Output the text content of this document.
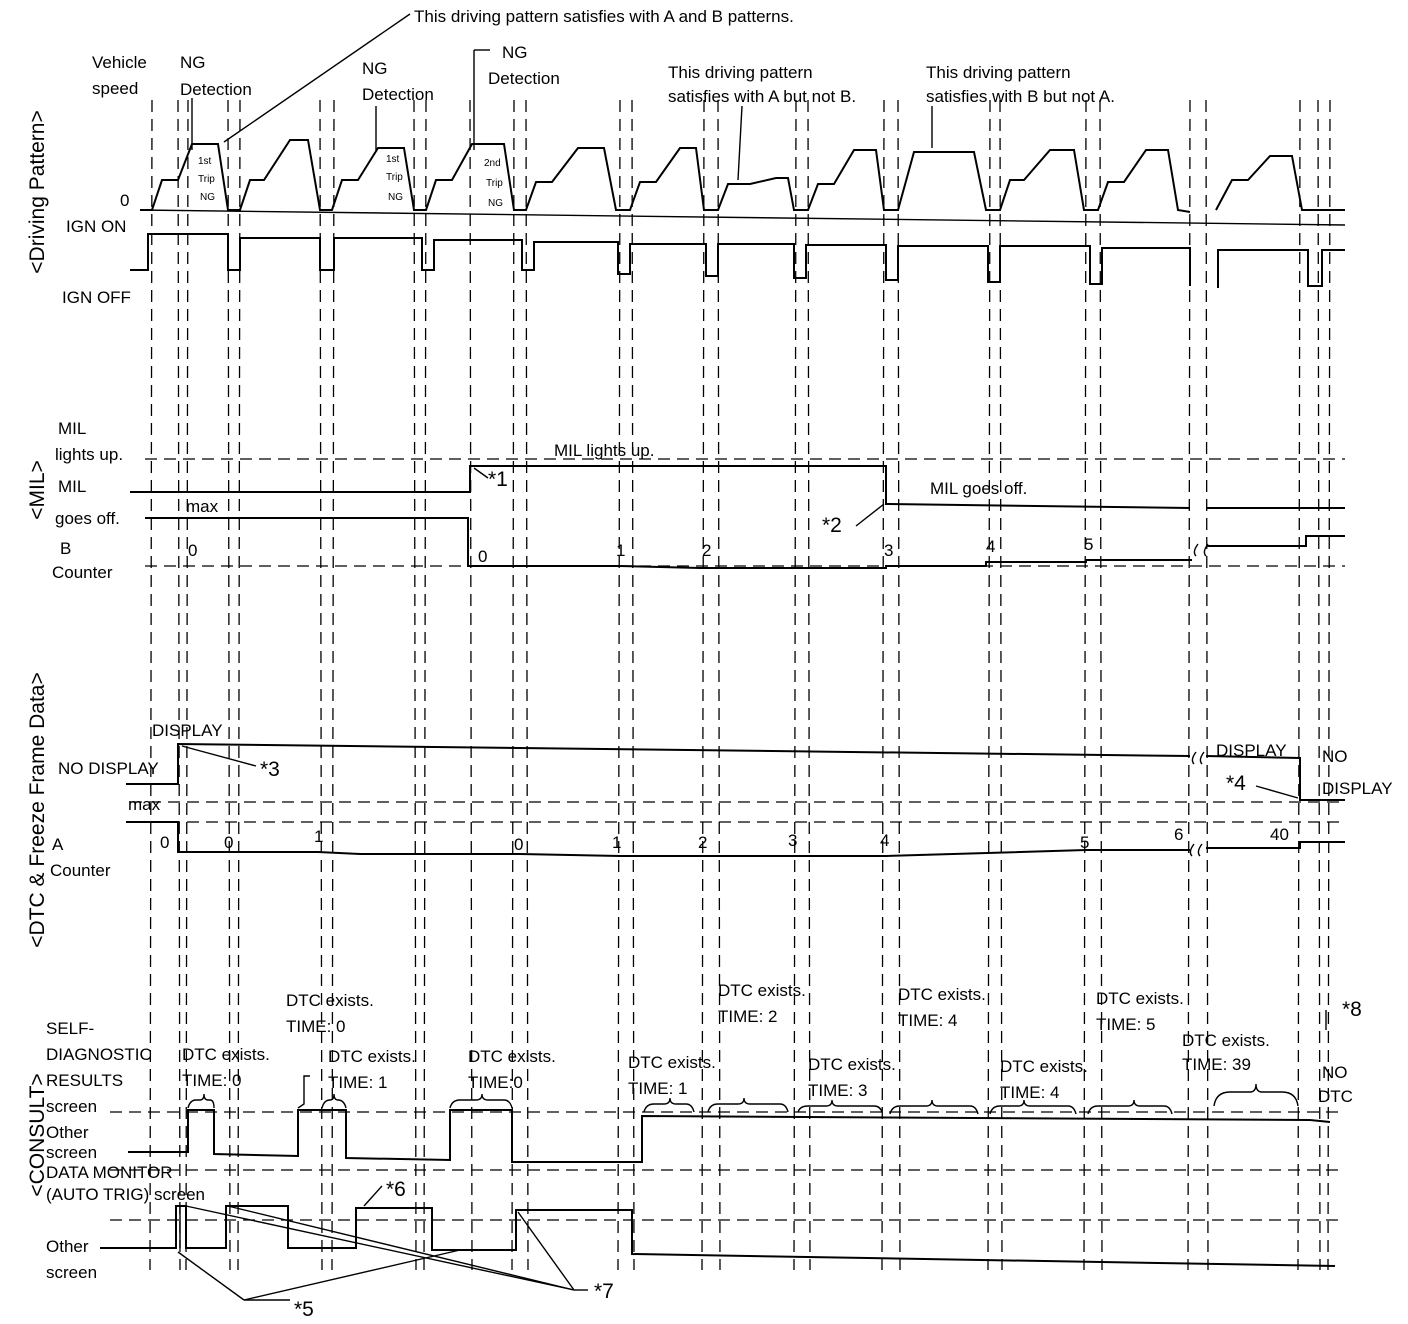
<Driving Pattern>
<MIL>
<DTC & Freeze Frame Data>
<CONSULT>
Vehicle
speed
0
IGN ON
IGN OFF
NG
Detection
NG
Detection
NG
Detection
1st
Trip
NG
1st
Trip
NG
2nd
Trip
NG
This driving pattern satisfies with A and B patterns.
This driving pattern
satisfies with A but not B.
This driving pattern
satisfies with B but not A.
MIL
lights up.
MIL
goes off.
B
Counter
max
MIL lights up.
MIL goes off.
*1
*2
0	0	1	2	3	4	5
DISPLAY
NO DISPLAY
max
A
Counter
*3
DISPLAY NO
DISPLAY
*4
0	0	1	0	1	2	3	4	5	6	40
SELF-
DIAGNOSTIC
RESULTS
screen
Other
screen
DATA MONITOR
(AUTO TRIG) screen
Other
screen
DTC exists.
TIME: 0
DTC exists.
TIME: 0
DTC exists.
TIME: 1
DTC exists.
TIME:0
DTC exists.
TIME: 1
DTC exists.
TIME: 2
DTC exists.
TIME: 3
DTC exists.
TIME: 4
DTC exists.
TIME: 4
DTC exists.
TIME: 5
DTC exists.
TIME: 39	NO
DTC
*8
*6
*5
*7
